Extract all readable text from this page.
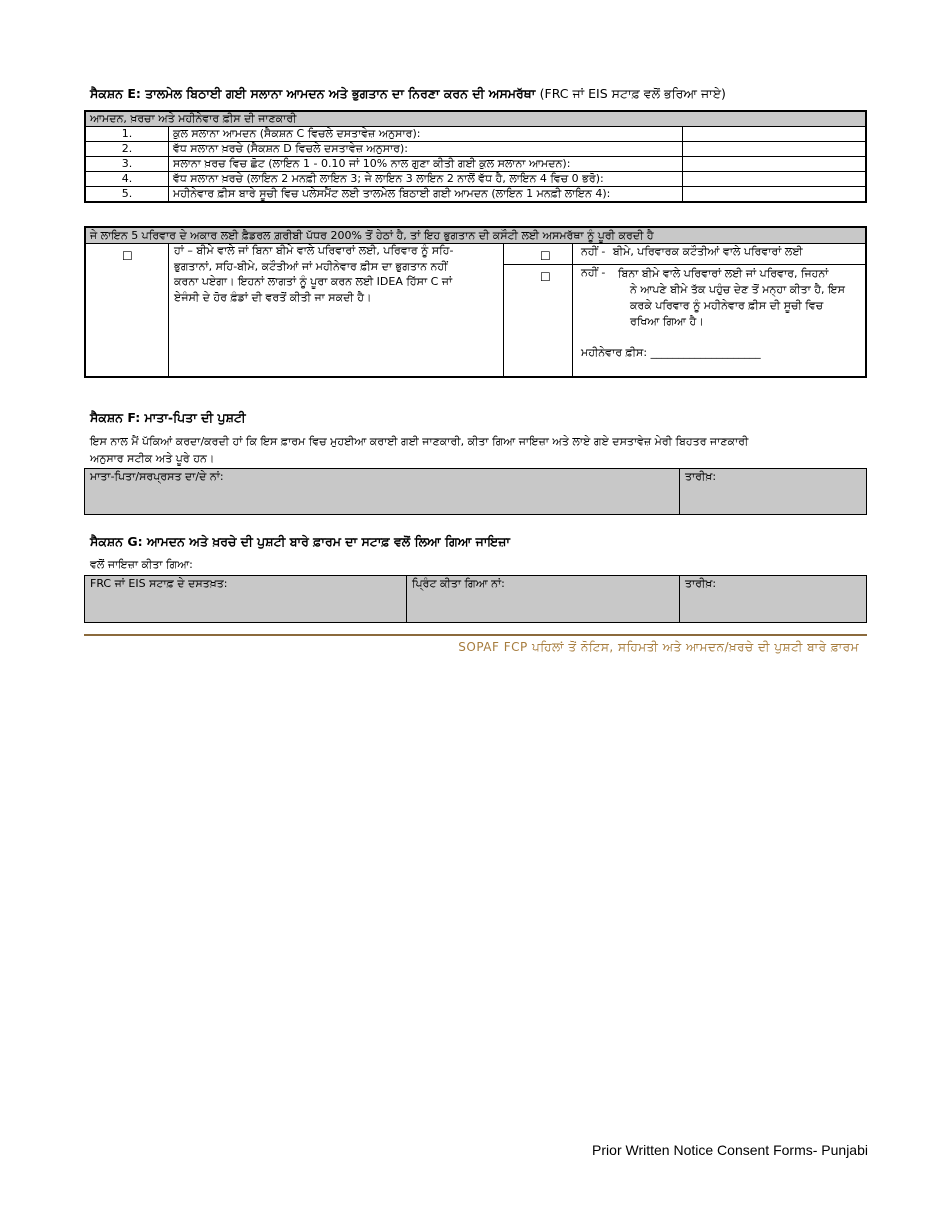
ਸੈਕਸ਼ਨ E: ਤਾਲਮੇਲ ਬਿਠਾਈ ਗਈ ਸਲਾਨਾ ਆਮਦਨ ਅਤੇ ਭੁਗਤਾਨ ਦਾ ਨਿਰਣਾ ਕਰਨ ਦੀ ਅਸਮਰੱਥਾ (FRC ਜਾਂ EIS ਸਟਾਫ਼ ਵਲੋਂ ਭਰਿਆ ਜਾਏ)
ਆਮਦਨ, ਖ਼ਰਚਾ ਅਤੇ ਮਹੀਨੇਵਾਰ ਫ਼ੀਸ ਦੀ ਜਾਣਕਾਰੀ		
1.	ਕੁਲ ਸਲਾਨਾ ਆਮਦਨ (ਸੈਕਸ਼ਨ C ਵਿਚਲੇ ਦਸਤਾਵੇਜ਼ ਅਨੁਸਾਰ):	
2.	ਵੱਧ ਸਲਾਨਾ ਖ਼ਰਚੇ (ਸੈਕਸ਼ਨ D ਵਿਚਲੇ ਦਸਤਾਵੇਜ਼ ਅਨੁਸਾਰ):	
3.	ਸਲਾਨਾ ਖ਼ਰਚ ਵਿਚ ਛੋਟ (ਲਾਇਨ 1 - 0.10 ਜਾਂ 10% ਨਾਲ ਗੁਣਾ ਕੀਤੀ ਗਈ ਕੁਲ ਸਲਾਨਾ ਆਮਦਨ):	
4.	ਵੱਧ ਸਲਾਨਾ ਖ਼ਰਚੇ (ਲਾਇਨ 2 ਮਨਫ਼ੀ ਲਾਇਨ 3; ਜੇ ਲਾਇਨ 3 ਲਾਇਨ 2 ਨਾਲੋਂ ਵੱਧ ਹੈ, ਲਾਇਨ 4 ਵਿਚ 0 ਭਰੋ):	
5.	ਮਹੀਨੇਵਾਰ ਫ਼ੀਸ ਬਾਰੇ ਸੂਚੀ ਵਿਚ ਪਲੇਸਮੈਂਟ ਲਈ ਤਾਲਮੇਲ ਬਿਠਾਈ ਗਈ ਆਮਦਨ (ਲਾਇਨ 1 ਮਨਫ਼ੀ ਲਾਇਨ 4):	
ਜੇ ਲਾਇਨ 5 ਪਰਿਵਾਰ ਦੇ ਅਕਾਰ ਲਈ ਫ਼ੈਡਰਲ ਗ਼ਰੀਬੀ ਪੱਧਰ 200% ਤੋਂ ਹੇਠਾਂ ਹੈ, ਤਾਂ ਇਹ ਭੁਗਤਾਨ ਦੀ ਕਸੌਟੀ ਲਈ ਅਸਮਰੱਥਾ ਨੂੰ ਪੂਰੀ ਕਰਦੀ ਹੈ
☐	ਹਾਂ – ਬੀਮੇ ਵਾਲੇ ਜਾਂ ਬਿਨਾ ਬੀਮੇ ਵਾਲੇ ਪਰਿਵਾਰਾਂ ਲਈ, ਪਰਿਵਾਰ ਨੂੰ ਸਹਿ-
ਭੁਗਤਾਨਾਂ, ਸਹਿ-ਬੀਮੇ, ਕਟੌਤੀਆਂ ਜਾਂ ਮਹੀਨੇਵਾਰ ਫ਼ੀਸ ਦਾ ਭੁਗਤਾਨ ਨਹੀਂ
ਕਰਨਾ ਪਏਗਾ। ਇਹਨਾਂ ਲਾਗਤਾਂ ਨੂੰ ਪੂਰਾ ਕਰਨ ਲਈ IDEA ਹਿੱਸਾ C ਜਾਂ
ਏਜੰਸੀ ਦੇ ਹੋਰ ਫ਼ੰਡਾਂ ਦੀ ਵਰਤੋਂ ਕੀਤੀ ਜਾ ਸਕਦੀ ਹੈ।
☐	ਨਹੀਂ - ਬੀਮੇ, ਪਰਿਵਾਰਕ ਕਟੌਤੀਆਂ ਵਾਲੇ ਪਰਿਵਾਰਾਂ ਲਈ
☐	ਨਹੀਂ - ਬਿਨਾ ਬੀਮੇ ਵਾਲੇ ਪਰਿਵਾਰਾਂ ਲਈ ਜਾਂ ਪਰਿਵਾਰ, ਜਿਹਨਾਂ
ਨੇ ਆਪਣੇ ਬੀਮੇ ਤੱਕ ਪਹੁੰਚ ਦੇਣ ਤੋਂ ਮਨ੍ਹਾ ਕੀਤਾ ਹੈ, ਇਸ
ਕਰਕੇ ਪਰਿਵਾਰ ਨੂੰ ਮਹੀਨੇਵਾਰ ਫ਼ੀਸ ਦੀ ਸੂਚੀ ਵਿਚ
ਰਖਿਆ ਗਿਆ ਹੈ।
ਮਹੀਨੇਵਾਰ ਫ਼ੀਸ: ____________________
ਸੈਕਸ਼ਨ F: ਮਾਤਾ-ਪਿਤਾ ਦੀ ਪੁਸ਼ਟੀ
ਇਸ ਨਾਲ ਮੈਂ ਪੱਕਿਆਂ ਕਰਦਾ/ਕਰਦੀ ਹਾਂ ਕਿ ਇਸ ਫ਼ਾਰਮ ਵਿਚ ਮੁਹਈਆ ਕਰਾਈ ਗਈ ਜਾਣਕਾਰੀ, ਕੀਤਾ ਗਿਆ ਜਾਇਜ਼ਾ ਅਤੇ ਲਾਏ ਗਏ ਦਸਤਾਵੇਜ਼ ਮੇਰੀ ਬਿਹਤਰ ਜਾਣਕਾਰੀ
ਅਨੁਸਾਰ ਸਟੀਕ ਅਤੇ ਪੂਰੇ ਹਨ।
ਮਾਤਾ-ਪਿਤਾ/ਸਰਪ੍ਰਸਤ ਦਾ/ਦੇ ਨਾਂ:	ਤਾਰੀਖ਼:
ਸੈਕਸ਼ਨ G: ਆਮਦਨ ਅਤੇ ਖ਼ਰਚੇ ਦੀ ਪੁਸ਼ਟੀ ਬਾਰੇ ਫ਼ਾਰਮ ਦਾ ਸਟਾਫ਼ ਵਲੋਂ ਲਿਆ ਗਿਆ ਜਾਇਜ਼ਾ
ਵਲੋਂ ਜਾਇਜ਼ਾ ਕੀਤਾ ਗਿਆ:
FRC ਜਾਂ EIS ਸਟਾਫ਼ ਦੇ ਦਸਤਖ਼ਤ:	ਪ੍ਰਿੰਟ ਕੀਤਾ ਗਿਆ ਨਾਂ:	ਤਾਰੀਖ਼:
SOPAF FCP ਪਹਿਲਾਂ ਤੋਂ ਨੋਟਿਸ, ਸਹਿਮਤੀ ਅਤੇ ਆਮਦਨ/ਖ਼ਰਚੇ ਦੀ ਪੁਸ਼ਟੀ ਬਾਰੇ ਫ਼ਾਰਮ
Prior Written Notice Consent Forms- Punjabi
